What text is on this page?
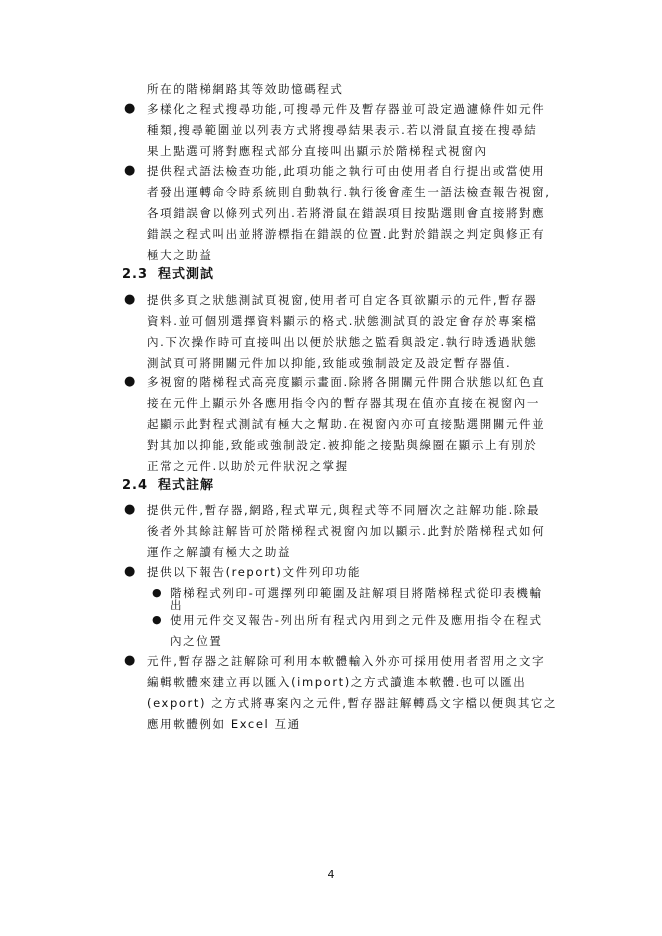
所在的階梯網路其等效助憶碼程式
● 多樣化之程式搜尋功能,可搜尋元件及暫存器並可設定過濾條件如元件
種類,搜尋範圍並以列表方式將搜尋結果表示.若以滑鼠直接在搜尋結
果上點選可將對應程式部分直接叫出顯示於階梯程式視窗內
● 提供程式語法檢查功能,此項功能之執行可由使用者自行提出或當使用
者發出運轉命令時系統則自動執行.執行後會產生一語法檢查報告視窗,
各項錯誤會以條列式列出.若將滑鼠在錯誤項目按點選則會直接將對應
錯誤之程式叫出並將游標指在錯誤的位置.此對於錯誤之判定與修正有
極大之助益
2.3 程式測試
● 提供多頁之狀態測試頁視窗,使用者可自定各頁欲顯示的元件,暫存器
資料.並可個別選擇資料顯示的格式.狀態測試頁的設定會存於專案檔
內.下次操作時可直接叫出以便於狀態之監看與設定.執行時透過狀態
測試頁可將開關元件加以抑能,致能或強制設定及設定暫存器值.
● 多視窗的階梯程式高亮度顯示畫面.除將各開關元件開合狀態以紅色直
接在元件上顯示外各應用指令內的暫存器其現在值亦直接在視窗內一
起顯示此對程式測試有極大之幫助.在視窗內亦可直接點選開關元件並
對其加以抑能,致能或強制設定.被抑能之接點與線圈在顯示上有別於
正常之元件.以助於元件狀況之掌握
2.4 程式註解
● 提供元件,暫存器,網路,程式單元,與程式等不同層次之註解功能.除最
後者外其餘註解皆可於階梯程式視窗內加以顯示.此對於階梯程式如何
運作之解讀有極大之助益
● 提供以下報告(report)文件列印功能
● 階梯程式列印-可選擇列印範圍及註解項目將階梯程式從印表機輸
出
● 使用元件交叉報告-列出所有程式內用到之元件及應用指令在程式
內之位置
● 元件,暫存器之註解除可利用本軟體輸入外亦可採用使用者習用之文字
編輯軟體來建立再以匯入(import)之方式讀進本軟體.也可以匯出
(export) 之方式將專案內之元件,暫存器註解轉爲文字檔以便與其它之
應用軟體例如 Excel 互通
4
